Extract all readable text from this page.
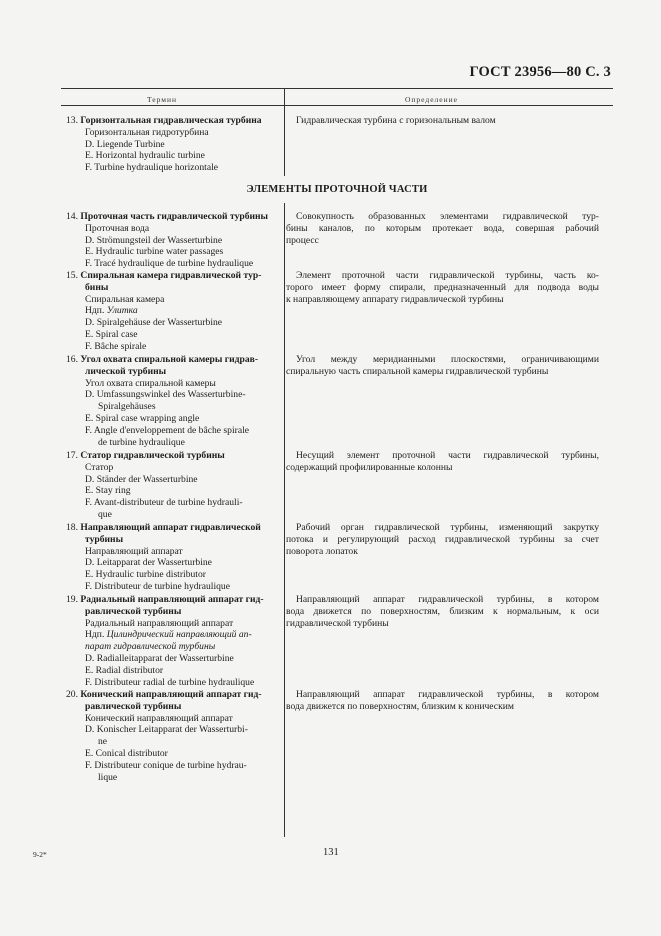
ГОСТ 23956—80 С. 3
Термин	Определение
ЭЛЕМЕНТЫ ПРОТОЧНОЙ ЧАСТИ
13. Горизонтальная гидравлическая турбина
Горизонтальная гидротурбина
D. Liegende Turbine
E. Horizontal hydraulic turbine
F. Turbine hydraulique horizontale
Гидравлическая турбина с горизональным валом
14. Проточная часть гидравлической турбины
Проточная вода
D. Strömungsteil der Wasserturbine
E. Hydraulic turbine water passages
F. Tracé hydraulique de turbine hydraulique
Совокупность образованных элементами гидравлической тур-
бины каналов, по которым протекает вода, совершая рабочий
процесс
15. Спиральная камера гидравлической тур-
бины
Спиральная камера
Ндп. Улитка
D. Spiralgehäuse der Wasserturbine
E. Spiral case
F. Bâche spirale
Элемент проточной части гидравлической турбины, часть ко-
торого имеет форму спирали, предназначенный для подвода воды
к направляющему аппарату гидравлической турбины
16. Угол охвата спиральной камеры гидрав-
лической турбины
Угол охвата спиральной камеры
D. Umfassungswinkel des Wasserturbine-
Spiralgehäuses
E. Spiral case wrapping angle
F. Angle d'enveloppement de bâche spirale
de turbine hydraulique
Угол между меридианными плоскостями, ограничивающими
спиральную часть спиральной камеры гидравлической турбины
17. Статор гидравлической турбины
Статор
D. Ständer der Wasserturbine
E. Stay ring
F. Avant-distributeur de turbine hydrauli-
que
Несущий элемент проточной части гидравлической турбины,
содержащий профилированные колонны
18. Направляющий аппарат гидравлической
турбины
Направляющий аппарат
D. Leitapparat der Wasserturbine
E. Hydraulic turbine distributor
F. Distributeur de turbine hydraulique
Рабочий орган гидравлической турбины, изменяющий закрутку
потока и регулирующий расход гидравлической турбины за счет
поворота лопаток
19. Радиальный направляющий аппарат гид-
равлической турбины
Радиальный направляющий аппарат
Ндп. Цилиндрический направляющий ап-
парат гидравлической турбины
D. Radialleitapparat der Wasserturbine
E. Radial distributor
F. Distributeur radial de turbine hydraulique
Направляющий аппарат гидравлической турбины, в котором
вода движется по поверхностям, близким к нормальным, к оси
гидравлической турбины
20. Конический направляющий аппарат гид-
равлической турбины
Конический направляющий аппарат
D. Konischer Leitapparat der Wasserturbi-
ne
E. Conical distributor
F. Distributeur conique de turbine hydrau-
lique
Направляющий аппарат гидравлической турбины, в котором
вода движется по поверхностям, близким к коническим
9-2*	131
